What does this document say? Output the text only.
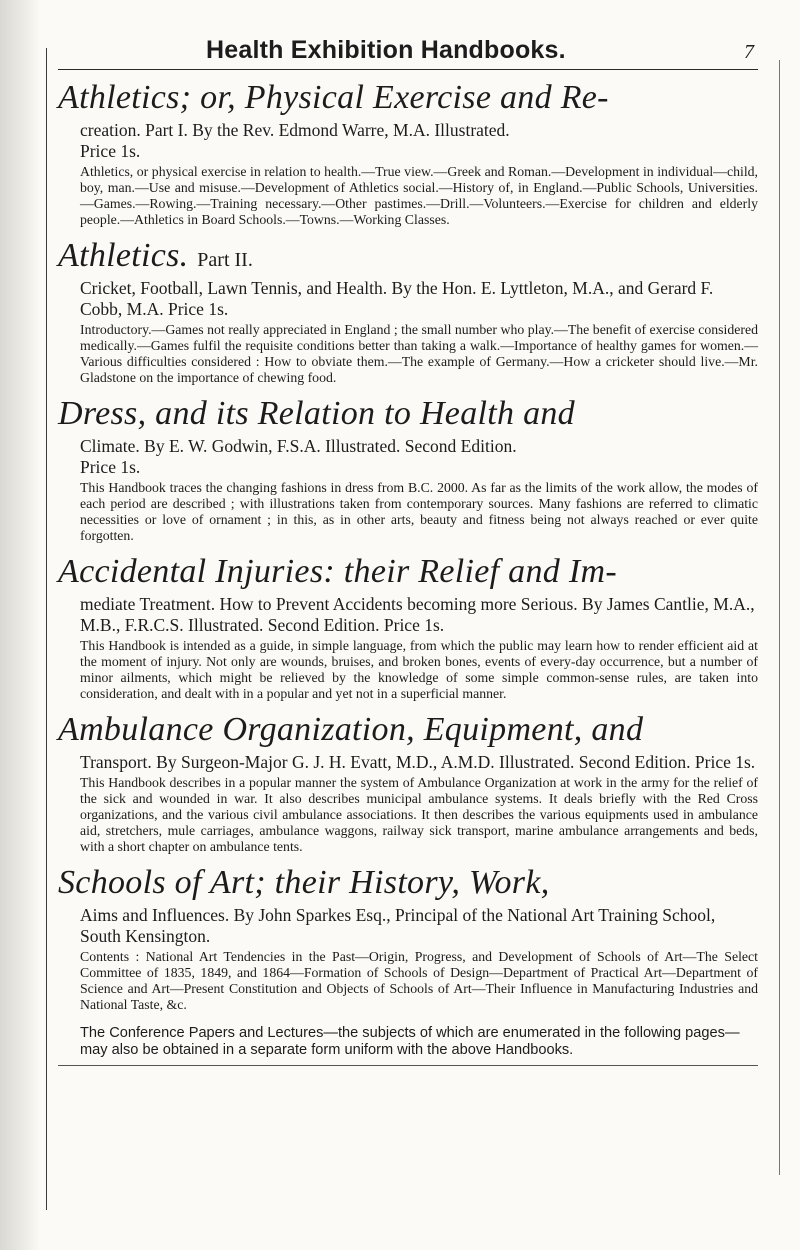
Health Exhibition Handbooks.	7
Athletics; or, Physical Exercise and Re-
creation. Part I. By the Rev. Edmond Warre, M.A. Illustrated.
Price 1s.
Athletics, or physical exercise in relation to health.—True view.—Greek and Roman.—Development in individual—child, boy, man.—Use and misuse.—Development of Athletics social.—History of, in England.—Public Schools, Universities.—Games.—Rowing.—Training necessary.—Other pastimes.—Drill.—Volunteers.—Exercise for children and elderly people.—Athletics in Board Schools.—Towns.—Working Classes.
Athletics. Part II.
Cricket, Football, Lawn Tennis, and Health. By the Hon. E. Lyttleton, M.A., and Gerard F. Cobb, M.A. Price 1s.
Introductory.—Games not really appreciated in England ; the small number who play.—The benefit of exercise considered medically.—Games fulfil the requisite conditions better than taking a walk.—Importance of healthy games for women.—Various difficulties considered : How to obviate them.—The example of Germany.—How a cricketer should live.—Mr. Gladstone on the importance of chewing food.
Dress, and its Relation to Health and
Climate. By E. W. Godwin, F.S.A. Illustrated. Second Edition.
Price 1s.
This Handbook traces the changing fashions in dress from B.C. 2000. As far as the limits of the work allow, the modes of each period are described ; with illustrations taken from contemporary sources. Many fashions are referred to climatic necessities or love of ornament ; in this, as in other arts, beauty and fitness being not always reached or ever quite forgotten.
Accidental Injuries: their Relief and Im-
mediate Treatment. How to Prevent Accidents becoming more Serious. By James Cantlie, M.A., M.B., F.R.C.S. Illustrated. Second Edition. Price 1s.
This Handbook is intended as a guide, in simple language, from which the public may learn how to render efficient aid at the moment of injury. Not only are wounds, bruises, and broken bones, events of every-day occurrence, but a number of minor ailments, which might be relieved by the knowledge of some simple common-sense rules, are taken into consideration, and dealt with in a popular and yet not in a superficial manner.
Ambulance Organization, Equipment, and
Transport. By Surgeon-Major G. J. H. Evatt, M.D., A.M.D. Illustrated. Second Edition. Price 1s.
This Handbook describes in a popular manner the system of Ambulance Organization at work in the army for the relief of the sick and wounded in war. It also describes municipal ambulance systems. It deals briefly with the Red Cross organizations, and the various civil ambulance associations. It then describes the various equipments used in ambulance aid, stretchers, mule carriages, ambulance waggons, railway sick transport, marine ambulance arrangements and beds, with a short chapter on ambulance tents.
Schools of Art; their History, Work,
Aims and Influences. By John Sparkes Esq., Principal of the National Art Training School, South Kensington.
Contents : National Art Tendencies in the Past—Origin, Progress, and Development of Schools of Art—The Select Committee of 1835, 1849, and 1864—Formation of Schools of Design—Department of Practical Art—Department of Science and Art—Present Constitution and Objects of Schools of Art—Their Influence in Manufacturing Industries and National Taste, &c.
The Conference Papers and Lectures—the subjects of which are enumerated in the following pages—may also be obtained in a separate form uniform with the above Handbooks.
